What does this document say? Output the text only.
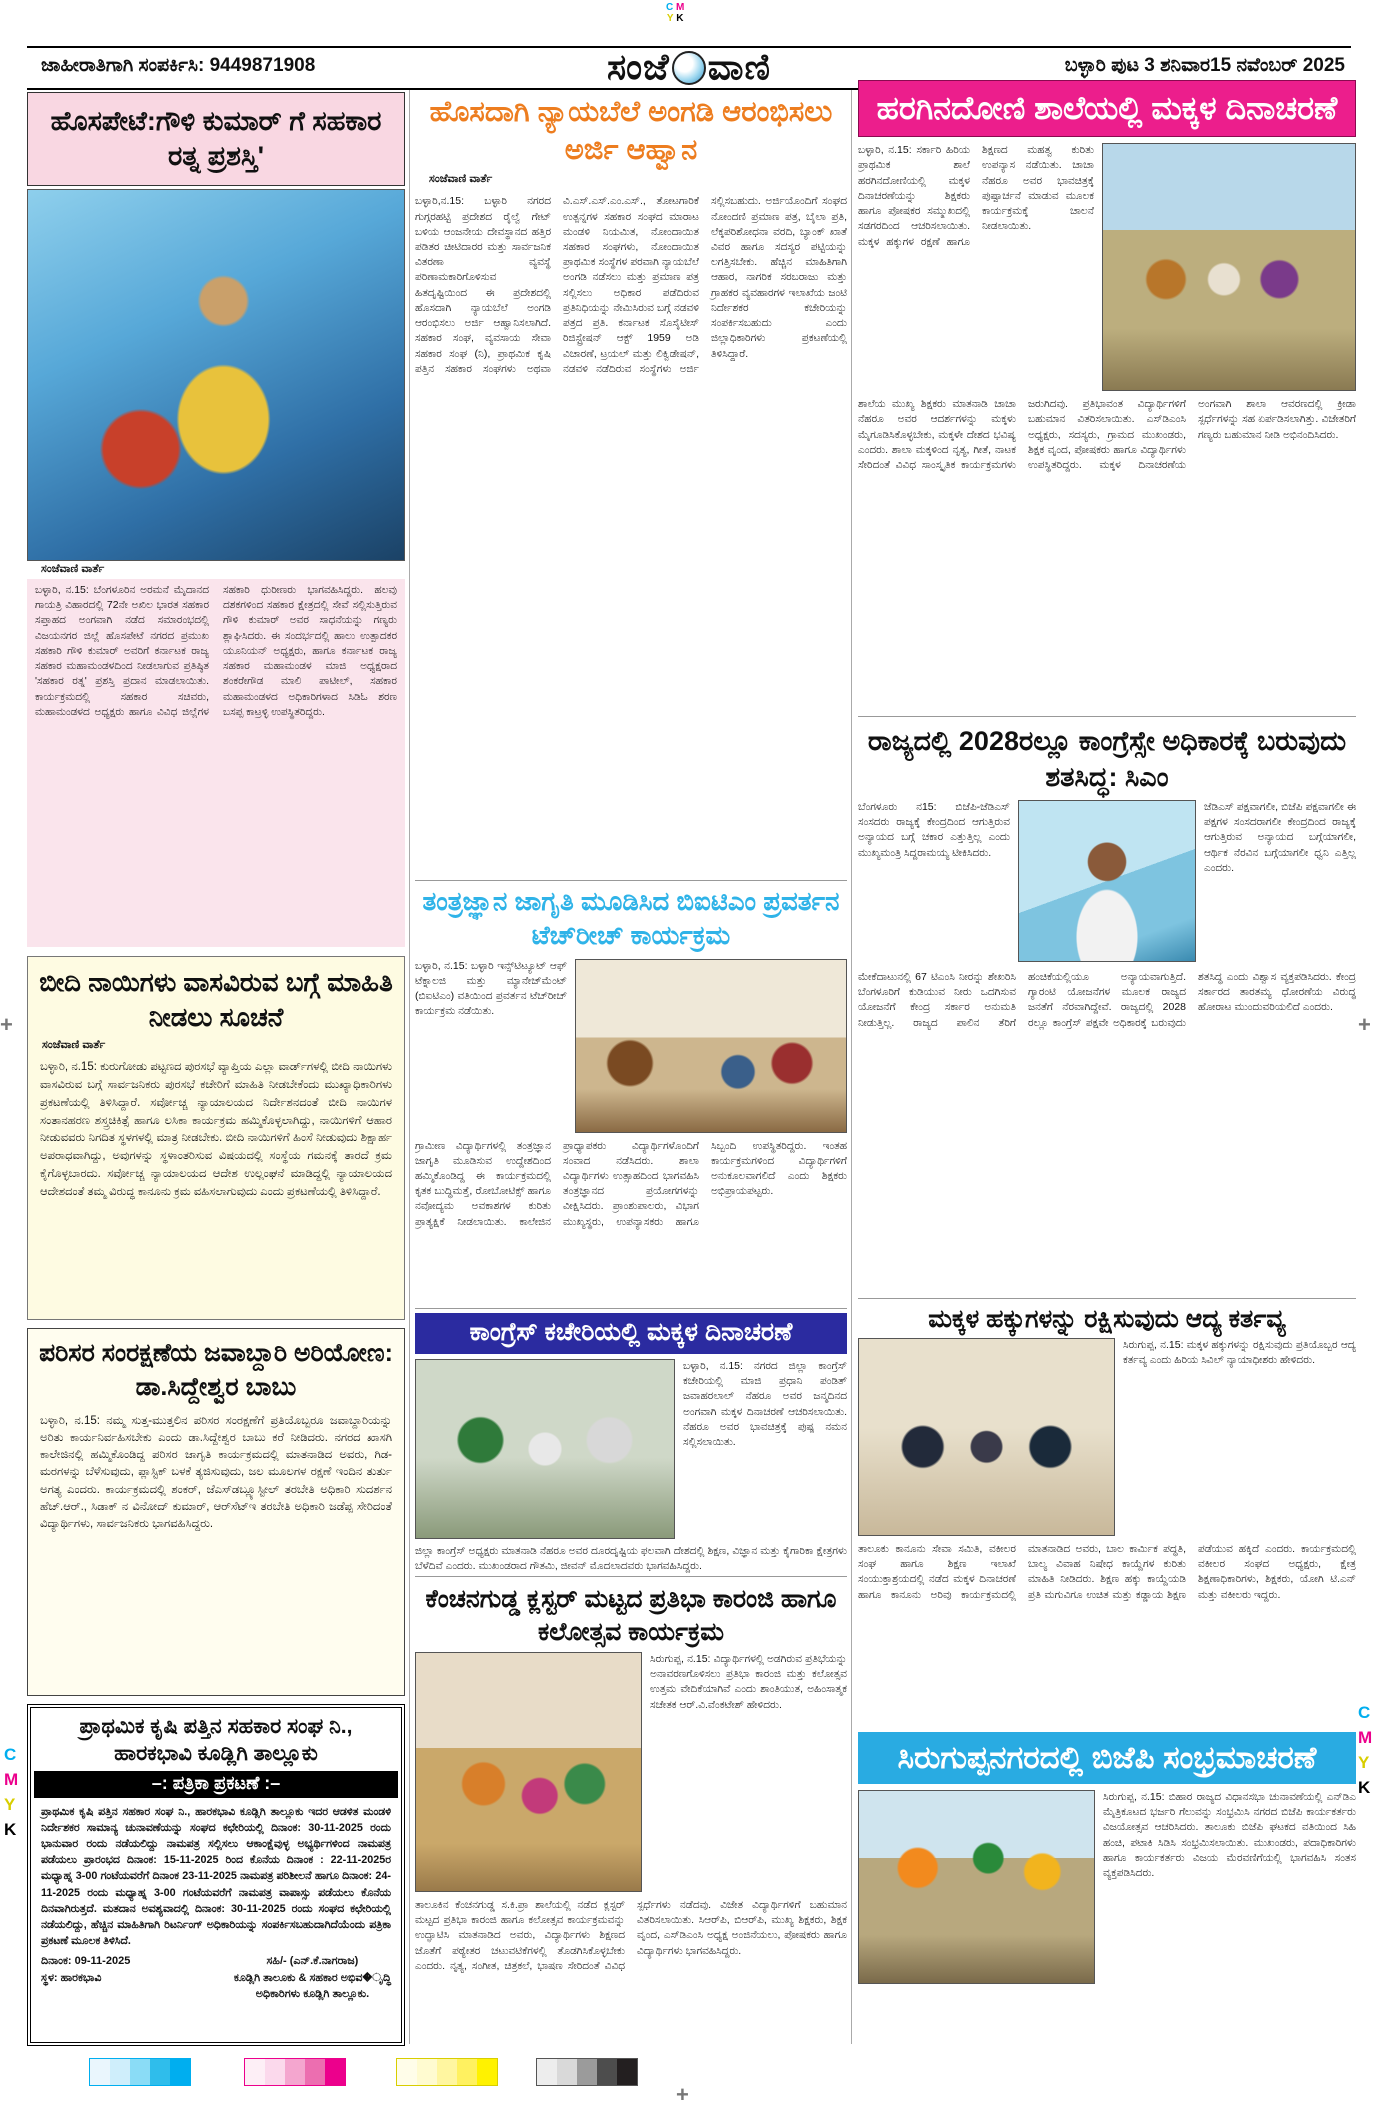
C M
Y K
ಜಾಹೀರಾತಿಗಾಗಿ ಸಂಪರ್ಕಿಸಿ: 9449871908	ಸಂಜೆ ವಾಣಿ	ಬಳ್ಳಾರಿ ಪುಟ 3 ಶನಿವಾರ15 ನವೆಂಬರ್ 2025
ಹೊಸಪೇಟೆ:ಗೌಳಿ ಕುಮಾರ್ ಗೆ ಸಹಕಾರ ರತ್ನ ಪ್ರಶಸ್ತಿ'
ಸಂಜೆವಾಣಿ ವಾರ್ತೆ
ಬಳ್ಳಾರಿ, ನ.15: ಬೆಂಗಳೂರಿನ ಅರಮನೆ ಮೈದಾನದ ಗಾಯತ್ರಿ ವಿಹಾರದಲ್ಲಿ 72ನೇ ಅಖಿಲ ಭಾರತ ಸಹಕಾರ ಸಪ್ತಾಹದ ಅಂಗವಾಗಿ ನಡೆದ ಸಮಾರಂಭದಲ್ಲಿ ವಿಜಯನಗರ ಜಿಲ್ಲೆ ಹೊಸಪೇಟೆ ನಗರದ ಪ್ರಮುಖ ಸಹಕಾರಿ ಗೌಳಿ ಕುಮಾರ್ ಅವರಿಗೆ ಕರ್ನಾಟಕ ರಾಜ್ಯ ಸಹಕಾರ ಮಹಾಮಂಡಳದಿಂದ ನೀಡಲಾಗುವ ಪ್ರತಿಷ್ಠಿತ 'ಸಹಕಾರ ರತ್ನ' ಪ್ರಶಸ್ತಿ ಪ್ರದಾನ ಮಾಡಲಾಯಿತು. ಕಾರ್ಯಕ್ರಮದಲ್ಲಿ ಸಹಕಾರ ಸಚಿವರು, ಮಹಾಮಂಡಳದ ಅಧ್ಯಕ್ಷರು ಹಾಗೂ ವಿವಿಧ ಜಿಲ್ಲೆಗಳ ಸಹಕಾರಿ ಧುರೀಣರು ಭಾಗವಹಿಸಿದ್ದರು. ಹಲವು ದಶಕಗಳಿಂದ ಸಹಕಾರ ಕ್ಷೇತ್ರದಲ್ಲಿ ಸೇವೆ ಸಲ್ಲಿಸುತ್ತಿರುವ ಗೌಳಿ ಕುಮಾರ್ ಅವರ ಸಾಧನೆಯನ್ನು ಗಣ್ಯರು ಶ್ಲಾಘಿಸಿದರು. ಈ ಸಂದರ್ಭದಲ್ಲಿ ಹಾಲು ಉತ್ಪಾದಕರ ಯೂನಿಯನ್ ಅಧ್ಯಕ್ಷರು, ಹಾಗೂ ಕರ್ನಾಟಕ ರಾಜ್ಯ ಸಹಕಾರ ಮಹಾಮಂಡಳ ಮಾಜಿ ಅಧ್ಯಕ್ಷರಾದ ಶಂಕರೇಗೌಡ ಮಾಲಿ ಪಾಟೀಲ್, ಸಹಕಾರ ಮಹಾಮಂಡಳದ ಅಧಿಕಾರಿಗಳಾದ ಸಿಡಿಓ ಶರಣ ಬಸಪ್ಪ ಕಾಟ್ರಳ್ಳಿ ಉಪಸ್ಥಿತರಿದ್ದರು.
ಬೀದಿ ನಾಯಿಗಳು ವಾಸವಿರುವ ಬಗ್ಗೆ ಮಾಹಿತಿ ನೀಡಲು ಸೂಚನೆ
ಸಂಜೆವಾಣಿ ವಾರ್ತೆ
ಬಳ್ಳಾರಿ, ನ.15: ಕುರುಗೋಡು ಪಟ್ಟಣದ ಪುರಸಭೆ ವ್ಯಾಪ್ತಿಯ ಎಲ್ಲಾ ವಾರ್ಡ್‌ಗಳಲ್ಲಿ ಬೀದಿ ನಾಯಿಗಳು ವಾಸವಿರುವ ಬಗ್ಗೆ ಸಾರ್ವಜನಿಕರು ಪುರಸಭೆ ಕಚೇರಿಗೆ ಮಾಹಿತಿ ನೀಡಬೇಕೆಂದು ಮುಖ್ಯಾಧಿಕಾರಿಗಳು ಪ್ರಕಟಣೆಯಲ್ಲಿ ತಿಳಿಸಿದ್ದಾರೆ. ಸರ್ವೋಚ್ಚ ನ್ಯಾಯಾಲಯದ ನಿರ್ದೇಶನದಂತೆ ಬೀದಿ ನಾಯಿಗಳ ಸಂತಾನಹರಣ ಶಸ್ತ್ರಚಿಕಿತ್ಸೆ ಹಾಗೂ ಲಸಿಕಾ ಕಾರ್ಯಕ್ರಮ ಹಮ್ಮಿಕೊಳ್ಳಲಾಗಿದ್ದು, ನಾಯಿಗಳಿಗೆ ಆಹಾರ ನೀಡುವವರು ನಿಗದಿತ ಸ್ಥಳಗಳಲ್ಲಿ ಮಾತ್ರ ನೀಡಬೇಕು. ಬೀದಿ ನಾಯಿಗಳಿಗೆ ಹಿಂಸೆ ನೀಡುವುದು ಶಿಕ್ಷಾರ್ಹ ಅಪರಾಧವಾಗಿದ್ದು, ಅವುಗಳನ್ನು ಸ್ಥಳಾಂತರಿಸುವ ವಿಷಯದಲ್ಲಿ ಸಂಸ್ಥೆಯ ಗಮನಕ್ಕೆ ತಾರದೆ ಕ್ರಮ ಕೈಗೊಳ್ಳಬಾರದು. ಸರ್ವೋಚ್ಚ ನ್ಯಾಯಾಲಯದ ಆದೇಶ ಉಲ್ಲಂಘನೆ ಮಾಡಿದ್ದಲ್ಲಿ ನ್ಯಾಯಾಲಯದ ಆದೇಶದಂತೆ ತಮ್ಮ ವಿರುದ್ಧ ಕಾನೂನು ಕ್ರಮ ವಹಿಸಲಾಗುವುದು ಎಂದು ಪ್ರಕಟಣೆಯಲ್ಲಿ ತಿಳಿಸಿದ್ದಾರೆ.
ಪರಿಸರ ಸಂರಕ್ಷಣೆಯ ಜವಾಬ್ದಾರಿ ಅರಿಯೋಣ: ಡಾ.ಸಿದ್ದೇಶ್ವರ ಬಾಬು
ಬಳ್ಳಾರಿ, ನ.15: ನಮ್ಮ ಸುತ್ತ-ಮುತ್ತಲಿನ ಪರಿಸರ ಸಂರಕ್ಷಣೆಗೆ ಪ್ರತಿಯೊಬ್ಬರೂ ಜವಾಬ್ದಾರಿಯನ್ನು ಅರಿತು ಕಾರ್ಯನಿರ್ವಹಿಸಬೇಕು ಎಂದು ಡಾ.ಸಿದ್ದೇಶ್ವರ ಬಾಬು ಕರೆ ನೀಡಿದರು. ನಗರದ ಖಾಸಗಿ ಕಾಲೇಜಿನಲ್ಲಿ ಹಮ್ಮಿಕೊಂಡಿದ್ದ ಪರಿಸರ ಜಾಗೃತಿ ಕಾರ್ಯಕ್ರಮದಲ್ಲಿ ಮಾತನಾಡಿದ ಅವರು, ಗಿಡ-ಮರಗಳನ್ನು ಬೆಳೆಸುವುದು, ಪ್ಲಾಸ್ಟಿಕ್ ಬಳಕೆ ತ್ಯಜಿಸುವುದು, ಜಲ ಮೂಲಗಳ ರಕ್ಷಣೆ ಇಂದಿನ ತುರ್ತು ಅಗತ್ಯ ಎಂದರು. ಕಾರ್ಯಕ್ರಮದಲ್ಲಿ ಶಂಕರ್, ಜೆಎಸ್‌ಡಬ್ಲ್ಯೂಸ್ಟೀಲ್ ತರಬೇತಿ ಅಧಿಕಾರಿ ಸುದರ್ಶನ ಹೆಚ್.ಆರ್., ಸಿಡಾಕ್ ನ ವಿನೋದ್ ಕುಮಾರ್, ಆರ್‌ಸೆಟ್‌ಇ ತರಬೇತಿ ಅಧಿಕಾರಿ ಜಡೆಪ್ಪ ಸೇರಿದಂತೆ ವಿದ್ಯಾರ್ಥಿಗಳು, ಸಾರ್ವಜನಿಕರು ಭಾಗವಹಿಸಿದ್ದರು.
ಪ್ರಾಥಮಿಕ ಕೃಷಿ ಪತ್ತಿನ ಸಹಕಾರ ಸಂಘ ನಿ.,
ಹಾರಕಭಾವಿ ಕೂಡ್ಲಿಗಿ ತಾಲ್ಲೂಕು
–: ಪತ್ರಿಕಾ ಪ್ರಕಟಣೆ :–
ಪ್ರಾಥಮಿಕ ಕೃಷಿ ಪತ್ತಿನ ಸಹಕಾರ ಸಂಘ ನಿ., ಹಾರಕಭಾವಿ ಕೂಡ್ಲಿಗಿ ತಾಲ್ಲೂಕು ಇದರ ಆಡಳಿತ ಮಂಡಳಿ ನಿರ್ದೇಶಕರ ಸಾಮಾನ್ಯ ಚುನಾವಣೆಯನ್ನು ಸಂಘದ ಕಛೇರಿಯಲ್ಲಿ ದಿನಾಂಕ: 30-11-2025 ರಂದು ಭಾನುವಾರ ರಂದು ನಡೆಯಲಿದ್ದು ನಾಮಪತ್ರ ಸಲ್ಲಿಸಲು ಆಕಾಂಕ್ಷೆವುಳ್ಳ ಅಭ್ಯರ್ಥಿಗಳಿಂದ ನಾಮಪತ್ರ ಪಡೆಯಲು ಪ್ರಾರಂಭದ ದಿನಾಂಕ: 15-11-2025 ರಿಂದ ಕೊನೆಯ ದಿನಾಂಕ : 22-11-2025ರ ಮಧ್ಯಾಹ್ನ 3-00 ಗಂಟೆಯವರೆಗೆ ದಿನಾಂಕ 23-11-2025 ನಾಮಪತ್ರ ಪರಿಶೀಲನೆ ಹಾಗೂ ದಿನಾಂಕ: 24-11-2025 ರಂದು ಮಧ್ಯಾಹ್ನ 3-00 ಗಂಟೆಯವರೆಗೆ ನಾಮಪತ್ರ ವಾಪಾಸ್ಸು ಪಡೆಯಲು ಕೊನೆಯ ದಿನವಾಗಿರುತ್ತದೆ. ಮತದಾನ ಅವಶ್ಯವಾದಲ್ಲಿ ದಿನಾಂಕ: 30-11-2025 ರಂದು ಸಂಘದ ಕಛೇರಿಯಲ್ಲಿ ನಡೆಯಲಿದ್ದು, ಹೆಚ್ಚಿನ ಮಾಹಿತಿಗಾಗಿ ರಿಟರ್ನಿಂಗ್ ಅಧಿಕಾರಿಯನ್ನು ಸಂಪರ್ಕಿಸಬಹುದಾಗಿದೆಯೆಂದು ಪತ್ರಿಕಾ ಪ್ರಕಟಣೆ ಮೂಲಕ ತಿಳಿಸಿದೆ.
ದಿನಾಂಕ: 09-11-2025
ಸ್ಥಳ: ಹಾರಕಭಾವಿ
ಸಹಿ/- (ಎನ್.ಕೆ.ನಾಗರಾಜ)
ಕೂಡ್ಲಿಗಿ ತಾಲೂಕು & ಸಹಕಾರ ಅಭಿವ�ೃದ್ಧಿ
ಅಧಿಕಾರಿಗಳು ಕೂಡ್ಲಿಗಿ ತಾಲ್ಲೂಕು.
ಹೊಸದಾಗಿ ನ್ಯಾಯಬೆಲೆ ಅಂಗಡಿ ಆರಂಭಿಸಲು ಅರ್ಜಿ ಆಹ್ವಾನ
ಸಂಜೆವಾಣಿ ವಾರ್ತೆ
ಬಳ್ಳಾರಿ,ನ.15: ಬಳ್ಳಾರಿ ನಗರದ ಗುಗ್ಗರಹಟ್ಟಿ ಪ್ರದೇಶದ ರೈಲ್ವೆ ಗೇಟ್ ಬಳಿಯ ಆಂಜನೇಯ ದೇವಸ್ಥಾನದ ಹತ್ತಿರ ಪಡಿತರ ಚೀಟಿದಾರರ ಮತ್ತು ಸಾರ್ವಜನಿಕ ವಿತರಣಾ ವ್ಯವಸ್ಥೆ ಪರಿಣಾಮಕಾರಿಗೊಳಿಸುವ ಹಿತದೃಷ್ಟಿಯಿಂದ ಈ ಪ್ರದೇಶದಲ್ಲಿ ಹೊಸದಾಗಿ ನ್ಯಾಯಬೆಲೆ ಅಂಗಡಿ ಆರಂಭಿಸಲು ಅರ್ಜಿ ಆಹ್ವಾನಿಸಲಾಗಿದೆ. ಸಹಕಾರ ಸಂಘ, ವ್ಯವಸಾಯ ಸೇವಾ ಸಹಕಾರ ಸಂಘ (ನಿ), ಪ್ರಾಥಮಿಕ ಕೃಷಿ ಪತ್ತಿನ ಸಹಕಾರ ಸಂಘಗಳು ಅಥವಾ ವಿ.ಎಸ್.ಎಸ್.ಎಂ.ಎಸ್., ತೋಟಗಾರಿಕೆ ಉತ್ಪನ್ನಗಳ ಸಹಕಾರ ಸಂಘದ ಮಾರಾಟ ಮಂಡಳಿ ನಿಯಮಿತ, ನೋಂದಾಯಿತ ಸಹಕಾರ ಸಂಘಗಳು, ನೋಂದಾಯಿತ ಪ್ರಾಥಮಿಕ ಸಂಸ್ಥೆಗಳ ಪರವಾಗಿ ನ್ಯಾಯಬೆಲೆ ಅಂಗಡಿ ನಡೆಸಲು ಮತ್ತು ಪ್ರಮಾಣ ಪತ್ರ ಸಲ್ಲಿಸಲು ಅಧಿಕಾರ ಪಡೆದಿರುವ ಪ್ರತಿನಿಧಿಯನ್ನು ನೇಮಿಸಿರುವ ಬಗ್ಗೆ ನಡವಳಿ ಪತ್ರದ ಪ್ರತಿ. ಕರ್ನಾಟಕ ಸೊಸೈಟೀಸ್ ರಿಜಿಸ್ಟ್ರೇಷನ್ ಆಕ್ಟ್ 1959 ಅಡಿ ವಿಚಾರಣೆ, ಟ್ರಯಲ್ ಮತ್ತು ಲಿಕ್ವಿಡೇಷನ್, ನಡವಳಿ ನಡೆದಿರುವ ಸಂಸ್ಥೆಗಳು ಅರ್ಜಿ ಸಲ್ಲಿಸಬಹುದು. ಅರ್ಜಿಯೊಂದಿಗೆ ಸಂಘದ ನೋಂದಣಿ ಪ್ರಮಾಣ ಪತ್ರ, ಬೈಲಾ ಪ್ರತಿ, ಲೆಕ್ಕಪರಿಶೋಧನಾ ವರದಿ, ಬ್ಯಾಂಕ್ ಖಾತೆ ವಿವರ ಹಾಗೂ ಸದಸ್ಯರ ಪಟ್ಟಿಯನ್ನು ಲಗತ್ತಿಸಬೇಕು. ಹೆಚ್ಚಿನ ಮಾಹಿತಿಗಾಗಿ ಆಹಾರ, ನಾಗರಿಕ ಸರಬರಾಜು ಮತ್ತು ಗ್ರಾಹಕರ ವ್ಯವಹಾರಗಳ ಇಲಾಖೆಯ ಜಂಟಿ ನಿರ್ದೇಶಕರ ಕಚೇರಿಯನ್ನು ಸಂಪರ್ಕಿಸಬಹುದು ಎಂದು ಜಿಲ್ಲಾಧಿಕಾರಿಗಳು ಪ್ರಕಟಣೆಯಲ್ಲಿ ತಿಳಿಸಿದ್ದಾರೆ.
ತಂತ್ರಜ್ಞಾನ ಜಾಗೃತಿ ಮೂಡಿಸಿದ ಬಿಐಟಿಎಂ ಪ್ರವರ್ತನ ಟೆಚ್‌ರೀಚ್ ಕಾರ್ಯಕ್ರಮ
ಬಳ್ಳಾರಿ, ನ.15: ಬಳ್ಳಾರಿ ಇನ್ಸ್‌ಟಿಟ್ಯೂಟ್ ಆಫ್ ಟೆಕ್ನಾಲಜಿ ಮತ್ತು ಮ್ಯಾನೇಜ್‌ಮೆಂಟ್ (ಬಿಐಟಿಎಂ) ವತಿಯಿಂದ ಪ್ರವರ್ತನ ಟೆಚ್‌ರೀಚ್ ಕಾರ್ಯಕ್ರಮ ನಡೆಯಿತು.
ಗ್ರಾಮೀಣ ವಿದ್ಯಾರ್ಥಿಗಳಲ್ಲಿ ತಂತ್ರಜ್ಞಾನ ಜಾಗೃತಿ ಮೂಡಿಸುವ ಉದ್ದೇಶದಿಂದ ಹಮ್ಮಿಕೊಂಡಿದ್ದ ಈ ಕಾರ್ಯಕ್ರಮದಲ್ಲಿ ಕೃತಕ ಬುದ್ಧಿಮತ್ತೆ, ರೋಬೋಟಿಕ್ಸ್ ಹಾಗೂ ನವೋದ್ಯಮ ಅವಕಾಶಗಳ ಕುರಿತು ಪ್ರಾತ್ಯಕ್ಷಿಕೆ ನೀಡಲಾಯಿತು. ಕಾಲೇಜಿನ ಪ್ರಾಧ್ಯಾಪಕರು ವಿದ್ಯಾರ್ಥಿಗಳೊಂದಿಗೆ ಸಂವಾದ ನಡೆಸಿದರು. ಶಾಲಾ ವಿದ್ಯಾರ್ಥಿಗಳು ಉತ್ಸಾಹದಿಂದ ಭಾಗವಹಿಸಿ ತಂತ್ರಜ್ಞಾನದ ಪ್ರಯೋಗಗಳನ್ನು ವೀಕ್ಷಿಸಿದರು. ಪ್ರಾಂಶುಪಾಲರು, ವಿಭಾಗ ಮುಖ್ಯಸ್ಥರು, ಉಪನ್ಯಾಸಕರು ಹಾಗೂ ಸಿಬ್ಬಂದಿ ಉಪಸ್ಥಿತರಿದ್ದರು. ಇಂತಹ ಕಾರ್ಯಕ್ರಮಗಳಿಂದ ವಿದ್ಯಾರ್ಥಿಗಳಿಗೆ ಅನುಕೂಲವಾಗಲಿದೆ ಎಂದು ಶಿಕ್ಷಕರು ಅಭಿಪ್ರಾಯಪಟ್ಟರು.
ಕಾಂಗ್ರೆಸ್ ಕಚೇರಿಯಲ್ಲಿ ಮಕ್ಕಳ ದಿನಾಚರಣೆ
ಬಳ್ಳಾರಿ, ನ.15: ನಗರದ ಜಿಲ್ಲಾ ಕಾಂಗ್ರೆಸ್ ಕಚೇರಿಯಲ್ಲಿ ಮಾಜಿ ಪ್ರಧಾನಿ ಪಂಡಿತ್ ಜವಾಹರಲಾಲ್ ನೆಹರೂ ಅವರ ಜನ್ಮದಿನದ ಅಂಗವಾಗಿ ಮಕ್ಕಳ ದಿನಾಚರಣೆ ಆಚರಿಸಲಾಯಿತು. ನೆಹರೂ ಅವರ ಭಾವಚಿತ್ರಕ್ಕೆ ಪುಷ್ಪ ನಮನ ಸಲ್ಲಿಸಲಾಯಿತು.
ಜಿಲ್ಲಾ ಕಾಂಗ್ರೆಸ್ ಅಧ್ಯಕ್ಷರು ಮಾತನಾಡಿ ನೆಹರೂ ಅವರ ದೂರದೃಷ್ಟಿಯ ಫಲವಾಗಿ ದೇಶದಲ್ಲಿ ಶಿಕ್ಷಣ, ವಿಜ್ಞಾನ ಮತ್ತು ಕೈಗಾರಿಕಾ ಕ್ಷೇತ್ರಗಳು ಬೆಳೆದಿವೆ ಎಂದರು. ಮುಖಂಡರಾದ ಗೌತಮಿ, ಜೀವನ್ ಮೊದಲಾದವರು ಭಾಗವಹಿಸಿದ್ದರು.
ಕೆಂಚನಗುಡ್ಡ ಕ್ಲಸ್ಟರ್ ಮಟ್ಟದ ಪ್ರತಿಭಾ ಕಾರಂಜಿ ಹಾಗೂ ಕಲೋತ್ಸವ ಕಾರ್ಯಕ್ರಮ
ಸಿರುಗುಪ್ಪ, ನ.15: ವಿದ್ಯಾರ್ಥಿಗಳಲ್ಲಿ ಅಡಗಿರುವ ಪ್ರತಿಭೆಯನ್ನು ಅನಾವರಣಗೊಳಿಸಲು ಪ್ರತಿಭಾ ಕಾರಂಜಿ ಮತ್ತು ಕಲೋತ್ಸವ ಉತ್ತಮ ವೇದಿಕೆಯಾಗಿವೆ ಎಂದು ಶಾಂತಿಯುತ, ಅಹಿಂಸಾತ್ಮಕ ಸಚೇತಕ ಆರ್.ವಿ.ವೆಂಕಟೇಶ್ ಹೇಳಿದರು.
ತಾಲೂಕಿನ ಕೆಂಚನಗುಡ್ಡ ಸ.ಕಿ.ಪ್ರಾ ಶಾಲೆಯಲ್ಲಿ ನಡೆದ ಕ್ಲಸ್ಟರ್ ಮಟ್ಟದ ಪ್ರತಿಭಾ ಕಾರಂಜಿ ಹಾಗೂ ಕಲೋತ್ಸವ ಕಾರ್ಯಕ್ರಮವನ್ನು ಉದ್ಘಾಟಿಸಿ ಮಾತನಾಡಿದ ಅವರು, ವಿದ್ಯಾರ್ಥಿಗಳು ಶಿಕ್ಷಣದ ಜೊತೆಗೆ ಪಠ್ಯೇತರ ಚಟುವಟಿಕೆಗಳಲ್ಲಿ ತೊಡಗಿಸಿಕೊಳ್ಳಬೇಕು ಎಂದರು. ನೃತ್ಯ, ಸಂಗೀತ, ಚಿತ್ರಕಲೆ, ಭಾಷಣ ಸೇರಿದಂತೆ ವಿವಿಧ ಸ್ಪರ್ಧೆಗಳು ನಡೆದವು. ವಿಜೇತ ವಿದ್ಯಾರ್ಥಿಗಳಿಗೆ ಬಹುಮಾನ ವಿತರಿಸಲಾಯಿತು. ಸಿಆರ್‌ಪಿ, ಬಿಆರ್‌ಪಿ, ಮುಖ್ಯ ಶಿಕ್ಷಕರು, ಶಿಕ್ಷಕ ವೃಂದ, ಎಸ್‌ಡಿಎಂಸಿ ಅಧ್ಯಕ್ಷ ಅಂಜಿನೆಯಲು, ಪೋಷಕರು ಹಾಗೂ ವಿದ್ಯಾರ್ಥಿಗಳು ಭಾಗವಹಿಸಿದ್ದರು.
ಹರಗಿನದೋಣಿ ಶಾಲೆಯಲ್ಲಿ ಮಕ್ಕಳ ದಿನಾಚರಣೆ
ಬಳ್ಳಾರಿ, ನ.15: ಸರ್ಕಾರಿ ಹಿರಿಯ ಪ್ರಾಥಮಿಕ ಶಾಲೆ ಹರಗಿನದೋಣಿಯಲ್ಲಿ ಮಕ್ಕಳ ದಿನಾಚರಣೆಯನ್ನು ಶಿಕ್ಷಕರು ಹಾಗೂ ಪೋಷಕರ ಸಮ್ಮುಖದಲ್ಲಿ ಸಡಗರದಿಂದ ಆಚರಿಸಲಾಯಿತು. ಮಕ್ಕಳ ಹಕ್ಕುಗಳ ರಕ್ಷಣೆ ಹಾಗೂ ಶಿಕ್ಷಣದ ಮಹತ್ವ ಕುರಿತು ಉಪನ್ಯಾಸ ನಡೆಯಿತು. ಚಾಚಾ ನೆಹರೂ ಅವರ ಭಾವಚಿತ್ರಕ್ಕೆ ಪುಷ್ಪಾರ್ಚನೆ ಮಾಡುವ ಮೂಲಕ ಕಾರ್ಯಕ್ರಮಕ್ಕೆ ಚಾಲನೆ ನೀಡಲಾಯಿತು.
ಶಾಲೆಯ ಮುಖ್ಯ ಶಿಕ್ಷಕರು ಮಾತನಾಡಿ ಚಾಚಾ ನೆಹರೂ ಅವರ ಆದರ್ಶಗಳನ್ನು ಮಕ್ಕಳು ಮೈಗೂಡಿಸಿಕೊಳ್ಳಬೇಕು, ಮಕ್ಕಳೇ ದೇಶದ ಭವಿಷ್ಯ ಎಂದರು. ಶಾಲಾ ಮಕ್ಕಳಿಂದ ನೃತ್ಯ, ಗೀತೆ, ನಾಟಕ ಸೇರಿದಂತೆ ವಿವಿಧ ಸಾಂಸ್ಕೃತಿಕ ಕಾರ್ಯಕ್ರಮಗಳು ಜರುಗಿದವು. ಪ್ರತಿಭಾವಂತ ವಿದ್ಯಾರ್ಥಿಗಳಿಗೆ ಬಹುಮಾನ ವಿತರಿಸಲಾಯಿತು. ಎಸ್‌ಡಿಎಂಸಿ ಅಧ್ಯಕ್ಷರು, ಸದಸ್ಯರು, ಗ್ರಾಮದ ಮುಖಂಡರು, ಶಿಕ್ಷಕ ವೃಂದ, ಪೋಷಕರು ಹಾಗೂ ವಿದ್ಯಾರ್ಥಿಗಳು ಉಪಸ್ಥಿತರಿದ್ದರು. ಮಕ್ಕಳ ದಿನಾಚರಣೆಯ ಅಂಗವಾಗಿ ಶಾಲಾ ಆವರಣದಲ್ಲಿ ಕ್ರೀಡಾ ಸ್ಪರ್ಧೆಗಳನ್ನು ಸಹ ಏರ್ಪಡಿಸಲಾಗಿತ್ತು. ವಿಜೇತರಿಗೆ ಗಣ್ಯರು ಬಹುಮಾನ ನೀಡಿ ಅಭಿನಂದಿಸಿದರು.
ರಾಜ್ಯದಲ್ಲಿ 2028ರಲ್ಲೂ ಕಾಂಗ್ರೆಸ್ಸೇ ಅಧಿಕಾರಕ್ಕೆ ಬರುವುದು ಶತಸಿದ್ಧ: ಸಿಎಂ
ಬೆಂಗಳೂರು ನ15: ಬಿಜೆಪಿ-ಜೆಡಿಎಸ್ ಸಂಸದರು ರಾಜ್ಯಕ್ಕೆ ಕೇಂದ್ರದಿಂದ ಆಗುತ್ತಿರುವ ಅನ್ಯಾಯದ ಬಗ್ಗೆ ಚಕಾರ ಎತ್ತುತ್ತಿಲ್ಲ ಎಂದು ಮುಖ್ಯಮಂತ್ರಿ ಸಿದ್ದರಾಮಯ್ಯ ಟೀಕಿಸಿದರು.
ಜೆಡಿಎಸ್ ಪಕ್ಷವಾಗಲೀ, ಬಿಜೆಪಿ ಪಕ್ಷವಾಗಲೀ ಈ ಪಕ್ಷಗಳ ಸಂಸದರಾಗಲೀ ಕೇಂದ್ರದಿಂದ ರಾಜ್ಯಕ್ಕೆ ಆಗುತ್ತಿರುವ ಅನ್ಯಾಯದ ಬಗ್ಗೆಯಾಗಲೀ, ಆರ್ಥಿಕ ನೆರವಿನ ಬಗ್ಗೆಯಾಗಲೀ ಧ್ವನಿ ಎತ್ತಿಲ್ಲ ಎಂದರು.
ಮೇಕೆದಾಟುನಲ್ಲಿ 67 ಟಿಎಂಸಿ ನೀರನ್ನು ಶೇಖರಿಸಿ ಬೆಂಗಳೂರಿಗೆ ಕುಡಿಯುವ ನೀರು ಒದಗಿಸುವ ಯೋಜನೆಗೆ ಕೇಂದ್ರ ಸರ್ಕಾರ ಅನುಮತಿ ನೀಡುತ್ತಿಲ್ಲ. ರಾಜ್ಯದ ಪಾಲಿನ ತೆರಿಗೆ ಹಂಚಿಕೆಯಲ್ಲಿಯೂ ಅನ್ಯಾಯವಾಗುತ್ತಿದೆ. ಗ್ಯಾರಂಟಿ ಯೋಜನೆಗಳ ಮೂಲಕ ರಾಜ್ಯದ ಜನತೆಗೆ ನೆರವಾಗಿದ್ದೇವೆ. ರಾಜ್ಯದಲ್ಲಿ 2028 ರಲ್ಲೂ ಕಾಂಗ್ರೆಸ್ ಪಕ್ಷವೇ ಅಧಿಕಾರಕ್ಕೆ ಬರುವುದು ಶತಸಿದ್ಧ ಎಂದು ವಿಶ್ವಾಸ ವ್ಯಕ್ತಪಡಿಸಿದರು. ಕೇಂದ್ರ ಸರ್ಕಾರದ ತಾರತಮ್ಯ ಧೋರಣೆಯ ವಿರುದ್ಧ ಹೋರಾಟ ಮುಂದುವರಿಯಲಿದೆ ಎಂದರು.
ಮಕ್ಕಳ ಹಕ್ಕುಗಳನ್ನು ರಕ್ಷಿಸುವುದು ಆದ್ಯ ಕರ್ತವ್ಯ
ಸಿರುಗುಪ್ಪ, ನ.15: ಮಕ್ಕಳ ಹಕ್ಕುಗಳನ್ನು ರಕ್ಷಿಸುವುದು ಪ್ರತಿಯೊಬ್ಬರ ಆದ್ಯ ಕರ್ತವ್ಯ ಎಂದು ಹಿರಿಯ ಸಿವಿಲ್ ನ್ಯಾಯಾಧೀಶರು ಹೇಳಿದರು.
ತಾಲೂಕು ಕಾನೂನು ಸೇವಾ ಸಮಿತಿ, ವಕೀಲರ ಸಂಘ ಹಾಗೂ ಶಿಕ್ಷಣ ಇಲಾಖೆ ಸಂಯುಕ್ತಾಶ್ರಯದಲ್ಲಿ ನಡೆದ ಮಕ್ಕಳ ದಿನಾಚರಣೆ ಹಾಗೂ ಕಾನೂನು ಅರಿವು ಕಾರ್ಯಕ್ರಮದಲ್ಲಿ ಮಾತನಾಡಿದ ಅವರು, ಬಾಲ ಕಾರ್ಮಿಕ ಪದ್ಧತಿ, ಬಾಲ್ಯ ವಿವಾಹ ನಿಷೇಧ ಕಾಯ್ದೆಗಳ ಕುರಿತು ಮಾಹಿತಿ ನೀಡಿದರು. ಶಿಕ್ಷಣ ಹಕ್ಕು ಕಾಯ್ದೆಯಡಿ ಪ್ರತಿ ಮಗುವಿಗೂ ಉಚಿತ ಮತ್ತು ಕಡ್ಡಾಯ ಶಿಕ್ಷಣ ಪಡೆಯುವ ಹಕ್ಕಿದೆ ಎಂದರು. ಕಾರ್ಯಕ್ರಮದಲ್ಲಿ ವಕೀಲರ ಸಂಘದ ಅಧ್ಯಕ್ಷರು, ಕ್ಷೇತ್ರ ಶಿಕ್ಷಣಾಧಿಕಾರಿಗಳು, ಶಿಕ್ಷಕರು, ಯೋಗಿ ಟಿ.ಎನ್ ಮತ್ತು ವಕೀಲರು ಇದ್ದರು.
ಸಿರುಗುಪ್ಪನಗರದಲ್ಲಿ ಬಿಜೆಪಿ ಸಂಭ್ರಮಾಚರಣೆ
ಸಿರುಗುಪ್ಪ, ನ.15: ಬಿಹಾರ ರಾಜ್ಯದ ವಿಧಾನಸಭಾ ಚುನಾವಣೆಯಲ್ಲಿ ಎನ್‌ಡಿಎ ಮೈತ್ರಿಕೂಟದ ಭರ್ಜರಿ ಗೆಲುವನ್ನು ಸಂಭ್ರಮಿಸಿ ನಗರದ ಬಿಜೆಪಿ ಕಾರ್ಯಕರ್ತರು ವಿಜಯೋತ್ಸವ ಆಚರಿಸಿದರು. ತಾಲೂಕು ಬಿಜೆಪಿ ಘಟಕದ ವತಿಯಿಂದ ಸಿಹಿ ಹಂಚಿ, ಪಟಾಕಿ ಸಿಡಿಸಿ ಸಂಭ್ರಮಿಸಲಾಯಿತು. ಮುಖಂಡರು, ಪದಾಧಿಕಾರಿಗಳು ಹಾಗೂ ಕಾರ್ಯಕರ್ತರು ವಿಜಯ ಮೆರವಣಿಗೆಯಲ್ಲಿ ಭಾಗವಹಿಸಿ ಸಂತಸ ವ್ಯಕ್ತಪಡಿಸಿದರು.
C
M
Y
K
C
M
Y
K
+	+
+
